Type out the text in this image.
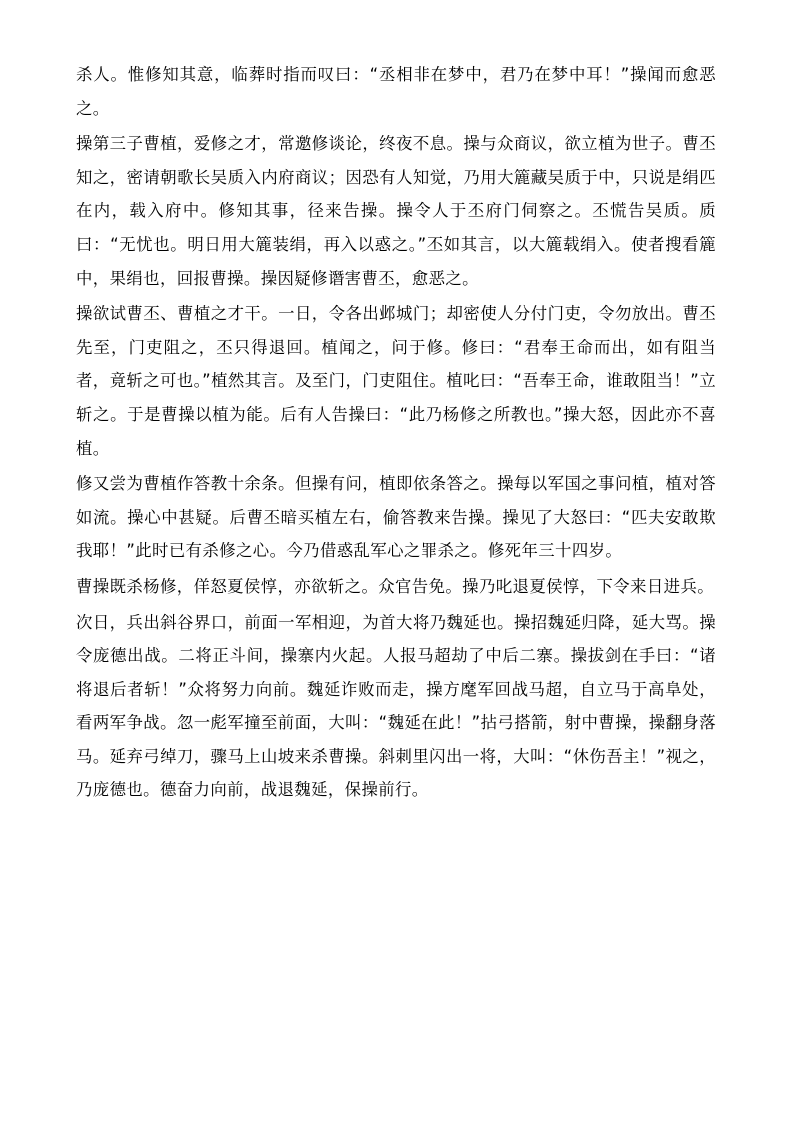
杀人。惟修知其意，临葬时指而叹曰：“丞相非在梦中，君乃在梦中耳！”操闻而愈恶之。

操第三子曹植，爱修之才，常邀修谈论，终夜不息。操与众商议，欲立植为世子。曹丕知之，密请朝歌长吴质入内府商议；因恐有人知觉，乃用大簏藏吴质于中，只说是绢匹在内，载入府中。修知其事，径来告操。操令人于丕府门伺察之。丕慌告吴质。质曰：“无忧也。明日用大簏装绢，再入以惑之。”丕如其言，以大簏载绢入。使者搜看簏中，果绢也，回报曹操。操因疑修谮害曹丕，愈恶之。

操欲试曹丕、曹植之才干。一日，令各出邺城门；却密使人分付门吏，令勿放出。曹丕先至，门吏阻之，丕只得退回。植闻之，问于修。修曰：“君奉王命而出，如有阻当者，竟斩之可也。”植然其言。及至门，门吏阻住。植叱曰：“吾奉王命，谁敢阻当！”立斩之。于是曹操以植为能。后有人告操曰：“此乃杨修之所教也。”操大怒，因此亦不喜植。

修又尝为曹植作答教十余条。但操有问，植即依条答之。操每以军国之事问植，植对答如流。操心中甚疑。后曹丕暗买植左右，偷答教来告操。操见了大怒曰：“匹夫安敢欺我耶！”此时已有杀修之心。今乃借惑乱军心之罪杀之。修死年三十四岁。

曹操既杀杨修，佯怒夏侯惇，亦欲斩之。众官告免。操乃叱退夏侯惇，下令来日进兵。

次日，兵出斜谷界口，前面一军相迎，为首大将乃魏延也。操招魏延归降，延大骂。操令庞德出战。二将正斗间，操寨内火起。人报马超劫了中后二寨。操拔剑在手曰：“诸将退后者斩！”众将努力向前。魏延诈败而走，操方麾军回战马超，自立马于高阜处，看两军争战。忽一彪军撞至前面，大叫：“魏延在此！”拈弓搭箭，射中曹操，操翻身落马。延弃弓绰刀，骤马上山坡来杀曹操。斜刺里闪出一将，大叫：“休伤吾主！”视之，乃庞德也。德奋力向前，战退魏延，保操前行。
